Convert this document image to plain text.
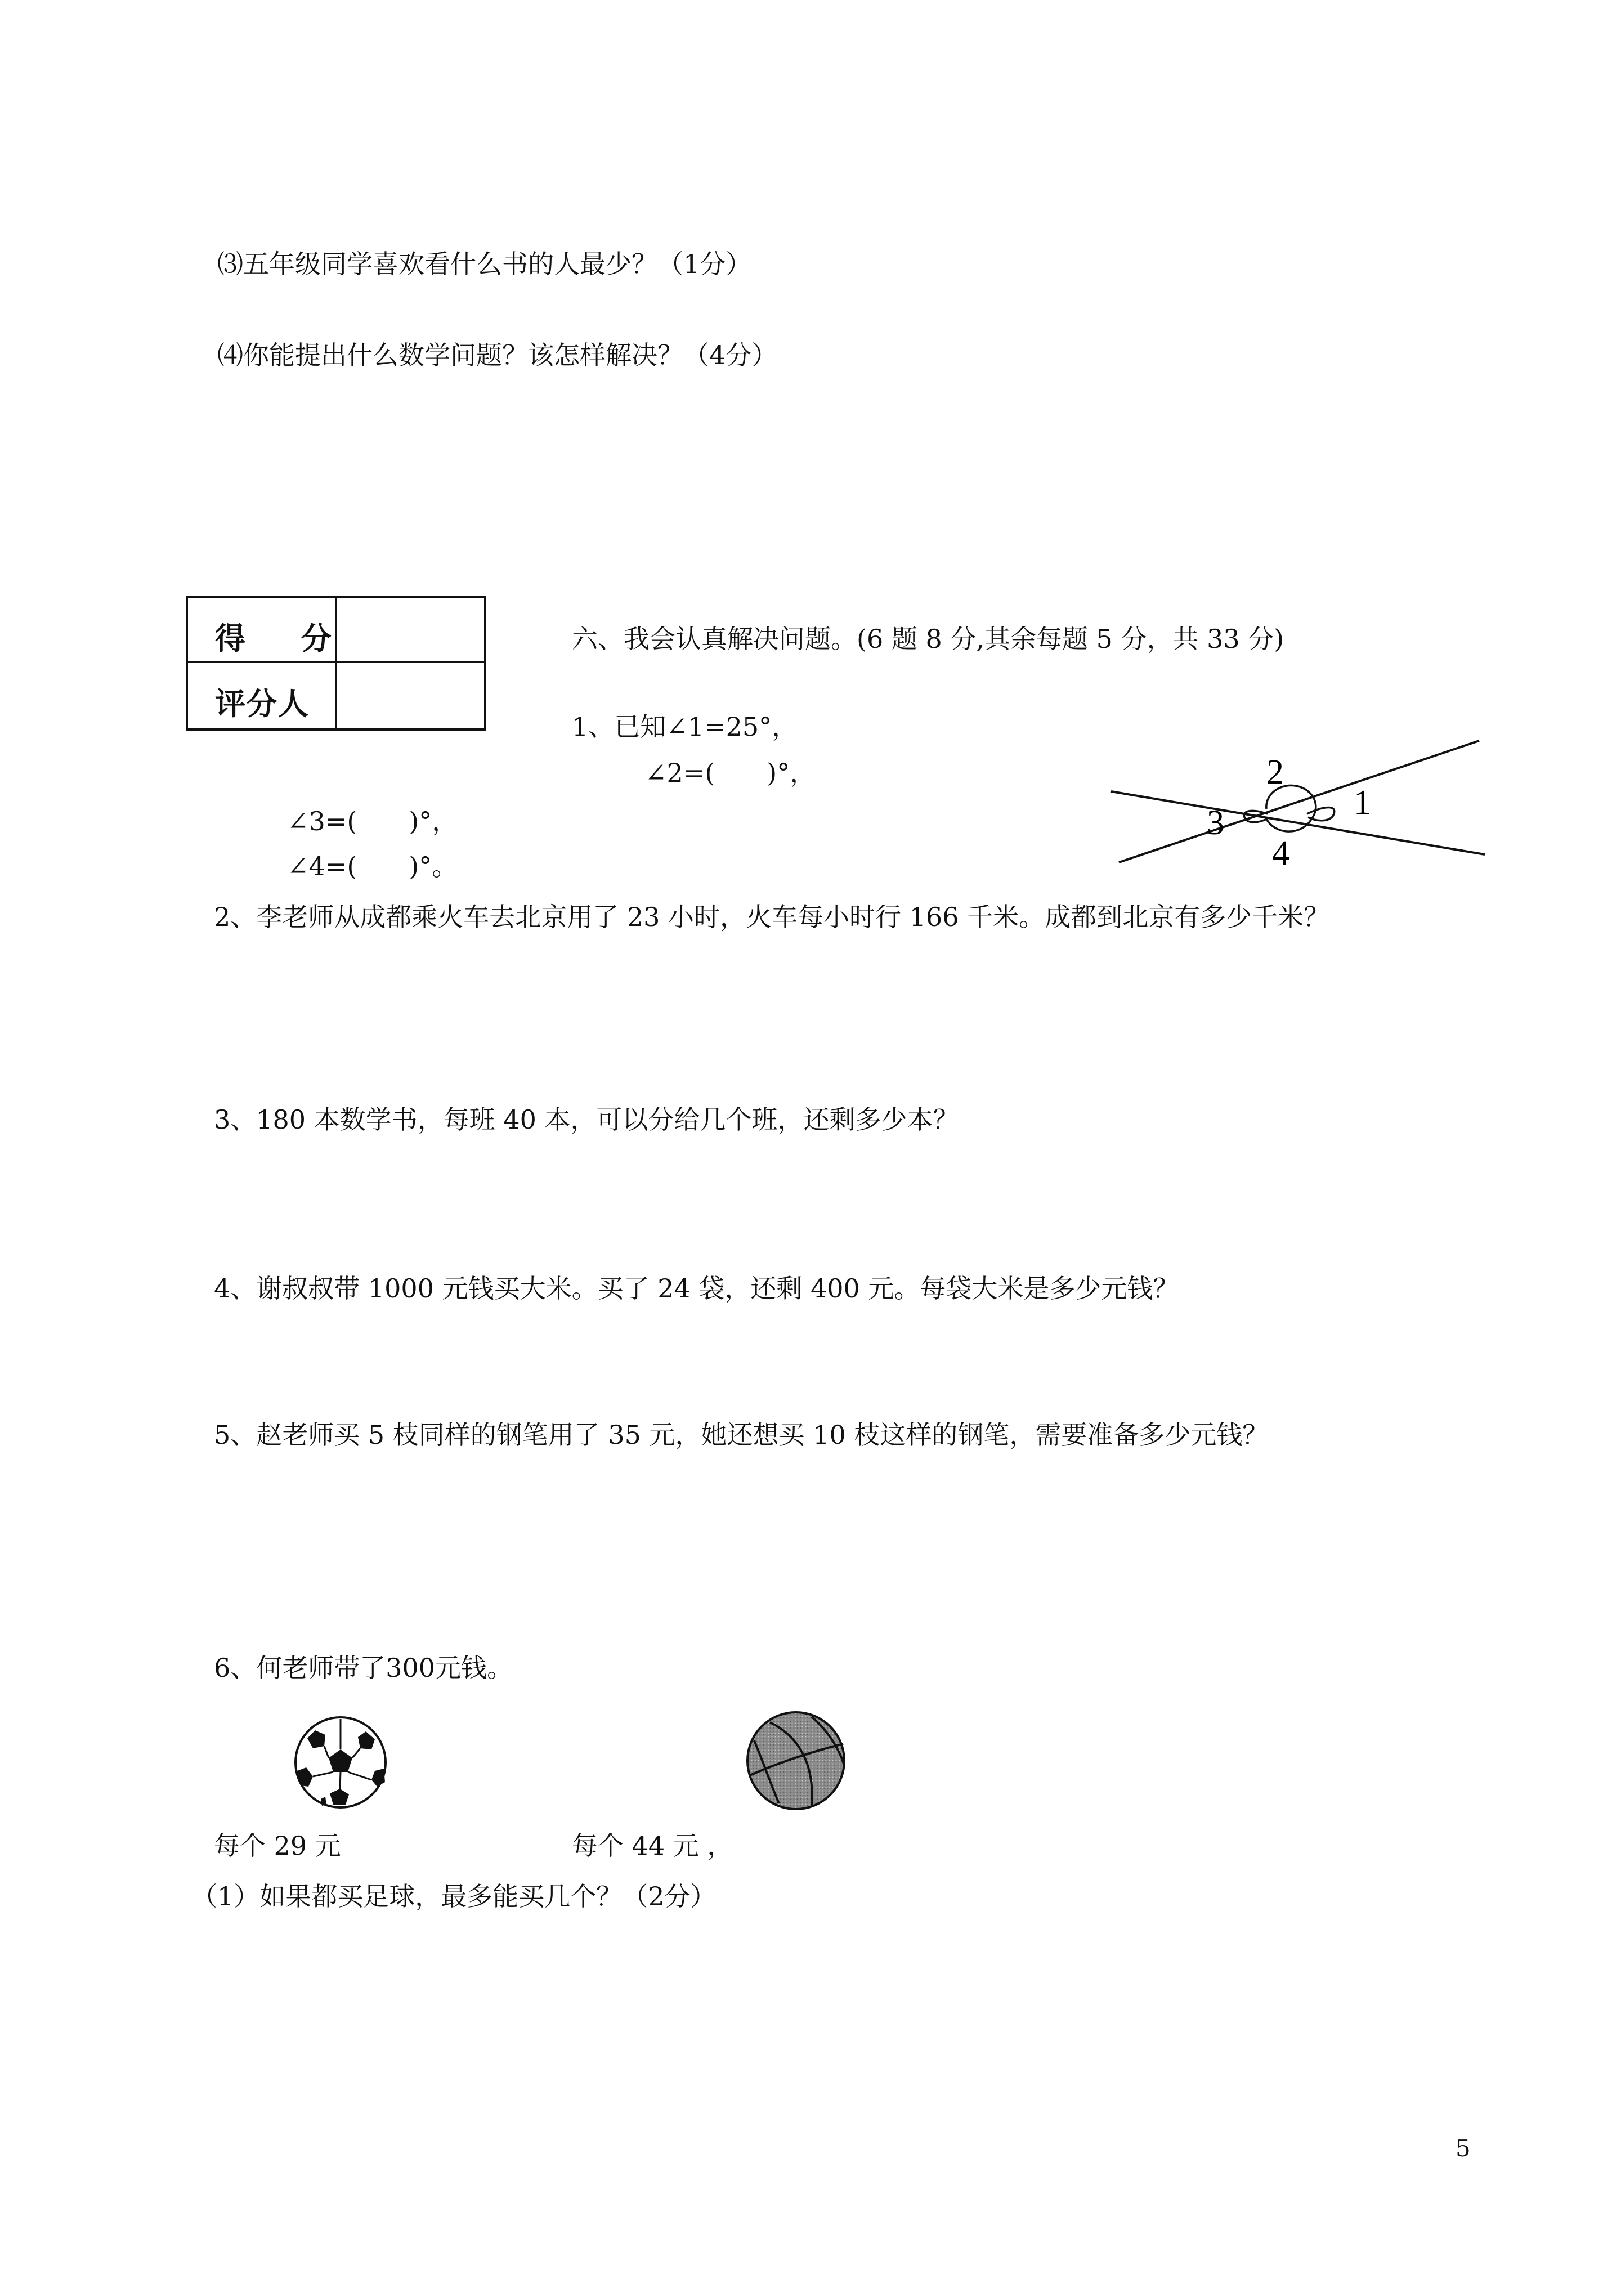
⑶五年级同学喜欢看什么书的人最少？（1分）
⑷你能提出什么数学问题？该怎样解决？（4分）
得 分
评分人
六、我会认真解决问题。(6 题 8 分,其余每题 5 分，共 33 分)
1、已知∠1=25°，
∠2=(　　)°，
∠3=(　　)°，
∠4=(　　)°。
1
2
3
4
2、李老师从成都乘火车去北京用了 23 小时，火车每小时行 166 千米。成都到北京有多少千米？
3、180 本数学书，每班 40 本，可以分给几个班，还剩多少本？
4、谢叔叔带 1000 元钱买大米。买了 24 袋，还剩 400 元。每袋大米是多少元钱？
5、赵老师买 5 枝同样的钢笔用了 35 元，她还想买 10 枝这样的钢笔，需要准备多少元钱？
6、何老师带了300元钱。
每个 29 元	每个 44 元 ，
（1）如果都买足球，最多能买几个？（2分）
5
